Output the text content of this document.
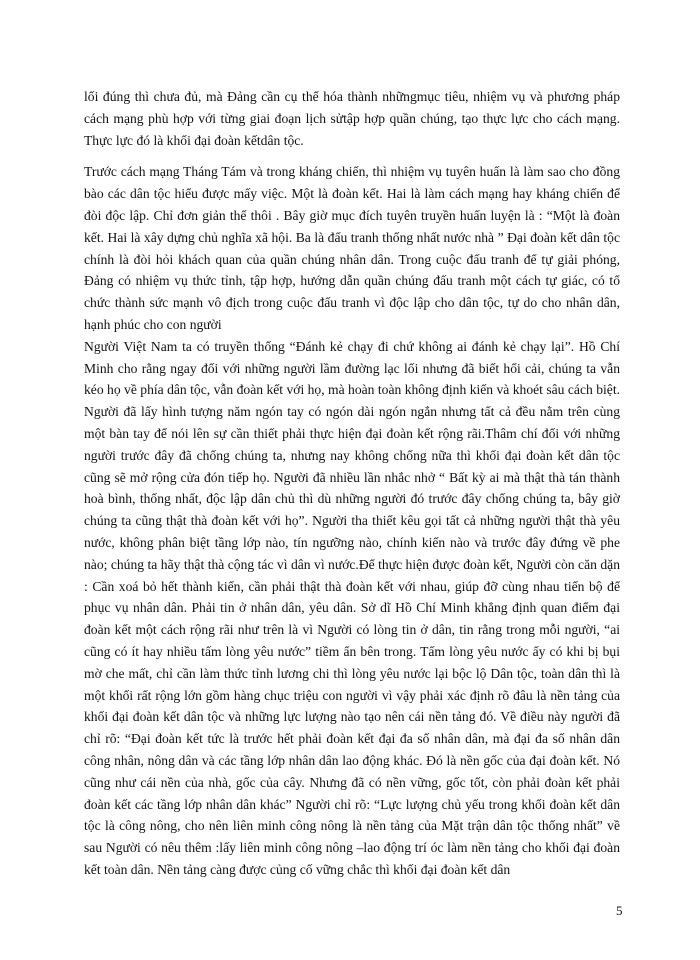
lối đúng thì chưa đủ, mà Đảng cần cụ thể hóa thành nhữngmục tiêu, nhiệm vụ và phương pháp cách mạng phù hợp với từng giai đoạn lịch sửtập hợp quần chúng, tạo thực lực cho cách mạng. Thực lực đó là khối đại đoàn kếtdân tộc.

Trước cách mạng Tháng Tám và trong kháng chiến, thì nhiệm vụ tuyên huấn là làm sao cho đồng bào các dân tộc hiểu được mấy việc. Một là đoàn kết. Hai là làm cách mạng hay kháng chiến để đòi độc lập. Chỉ đơn giản thế thôi . Bây giờ mục đích tuyên truyền huấn luyện là : “Một là đoàn kết. Hai là xây dựng chủ nghĩa xã hội. Ba là đấu tranh thống nhất nước nhà ” Đại đoàn kết dân tộc chính là đòi hỏi khách quan của quần chúng nhân dân. Trong cuộc đấu tranh để tự giải phóng, Đảng có nhiệm vụ thức tỉnh, tập hợp, hướng dẫn quần chúng đấu tranh một cách tự giác, có tổ chức thành sức mạnh vô địch trong cuộc đấu tranh vì độc lập cho dân tộc, tự do cho nhân dân, hạnh phúc cho con người

Người Việt Nam ta có truyền thống “Đánh kẻ chạy đi chứ không ai đánh kẻ chạy lại”. Hồ Chí Minh cho rằng ngay đối với những người lầm đường lạc lối nhưng đã biết hối cải, chúng ta vẫn kéo họ về phía dân tộc, vẫn đoàn kết với họ, mà hoàn toàn không định kiến và khoét sâu cách biệt. Người đã lấy hình tượng năm ngón tay có ngón dài ngón ngắn nhưng tất cả đều nằm trên cùng một bàn tay để nói lên sự cần thiết phải thực hiện đại đoàn kết rộng rãi.Thâm chí đối với những người trước đây đã chống chúng ta, nhưng nay không chống nữa thì khối đại đoàn kết dân tộc cũng sẽ mở rộng cửa đón tiếp họ. Người đã nhiều lần nhắc nhở “ Bất kỳ ai mà thật thà tán thành hoà bình, thống nhất, độc lập dân chủ thì dù những người đó trước đây chống chúng ta, bây giờ chúng ta cũng thật thà đoàn kết với họ”. Người tha thiết kêu gọi tất cả những người thật thà yêu nước, không phân biệt tầng lớp nào, tín ngưỡng nào, chính kiến nào và trước đây đứng về phe nào; chúng ta hãy thật thà cộng tác vì dân vì nước.Để thực hiện được đoàn kết, Người còn căn dặn : Cần xoá bỏ hết thành kiến, cần phải thật thà đoàn kết với nhau, giúp đỡ cùng nhau tiến bộ để phục vụ nhân dân. Phải tin ở nhân dân, yêu dân. Sở dĩ Hồ Chí Minh khẳng định quan điểm đại đoàn kết một cách rộng rãi như trên là vì Người có lòng tin ở dân, tin rằng trong mỗi người, “ai cũng có ít hay nhiều tấm lòng yêu nước” tiềm ẩn bên trong. Tấm lòng yêu nước ấy có khi bị bụi mờ che mất, chỉ cần làm thức tỉnh lương chi thì lòng yêu nước lại bộc lộ Dân tộc, toàn dân thì là một khối rất rộng lớn gồm hàng chục triệu con người vì vậy phải xác định rõ đâu là nền tảng của khối đại đoàn kết dân tộc và những lực lượng nào tạo nên cái nền tảng đó. Về điều này người đã chỉ rõ: “Đại đoàn kết tức là trước hết phải đoàn kết đại đa số nhân dân, mà đại đa số nhân dân công nhân, nông dân và các tầng lớp nhân dân lao động khác. Đó là nền gốc của đại đoàn kết. Nó cũng như cái nền của nhà, gốc của cây. Nhưng đã có nền vững, gốc tốt, còn phải đoàn kết phải đoàn kết các tầng lớp nhân dân khác” Người chỉ rõ: “Lực lượng chủ yếu trong khối đoàn kết dân tộc là công nông, cho nên liên minh công nông là nền tảng của Mặt trận dân tộc thống nhất” về sau Người có nêu thêm :lấy liên minh công nông –lao động trí óc làm nền tảng cho khối đại đoàn kết toàn dân. Nền tảng càng được củng cố vững chắc thì khối đại đoàn kết dân

5
